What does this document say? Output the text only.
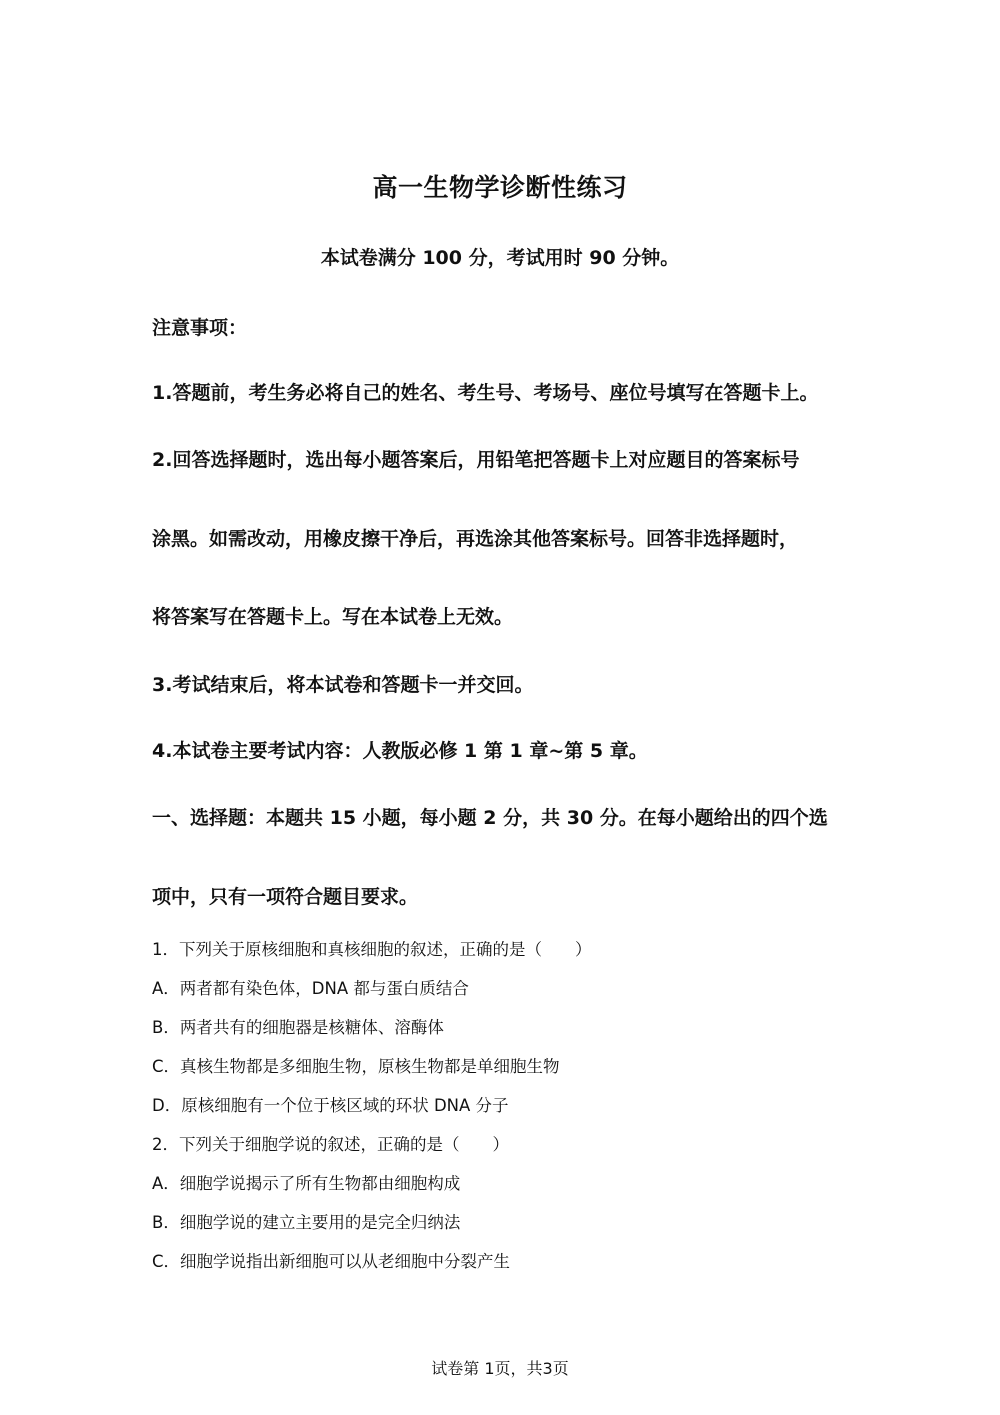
高一生物学诊断性练习
本试卷满分 100 分，考试用时 90 分钟。
注意事项：
1.答题前，考生务必将自己的姓名、考生号、考场号、座位号填写在答题卡上。
2.回答选择题时，选出每小题答案后，用铅笔把答题卡上对应题目的答案标号
涂黑。如需改动，用橡皮擦干净后，再选涂其他答案标号。回答非选择题时，
将答案写在答题卡上。写在本试卷上无效。
3.考试结束后，将本试卷和答题卡一并交回。
4.本试卷主要考试内容：人教版必修 1 第 1 章~第 5 章。
一、选择题：本题共 15 小题，每小题 2 分，共 30 分。在每小题给出的四个选
项中，只有一项符合题目要求。
1．下列关于原核细胞和真核细胞的叙述，正确的是（　　）
A．两者都有染色体，DNA 都与蛋白质结合
B．两者共有的细胞器是核糖体、溶酶体
C．真核生物都是多细胞生物，原核生物都是单细胞生物
D．原核细胞有一个位于核区域的环状 DNA 分子
2．下列关于细胞学说的叙述，正确的是（　　）
A．细胞学说揭示了所有生物都由细胞构成
B．细胞学说的建立主要用的是完全归纳法
C．细胞学说指出新细胞可以从老细胞中分裂产生
试卷第 1页，共3页
